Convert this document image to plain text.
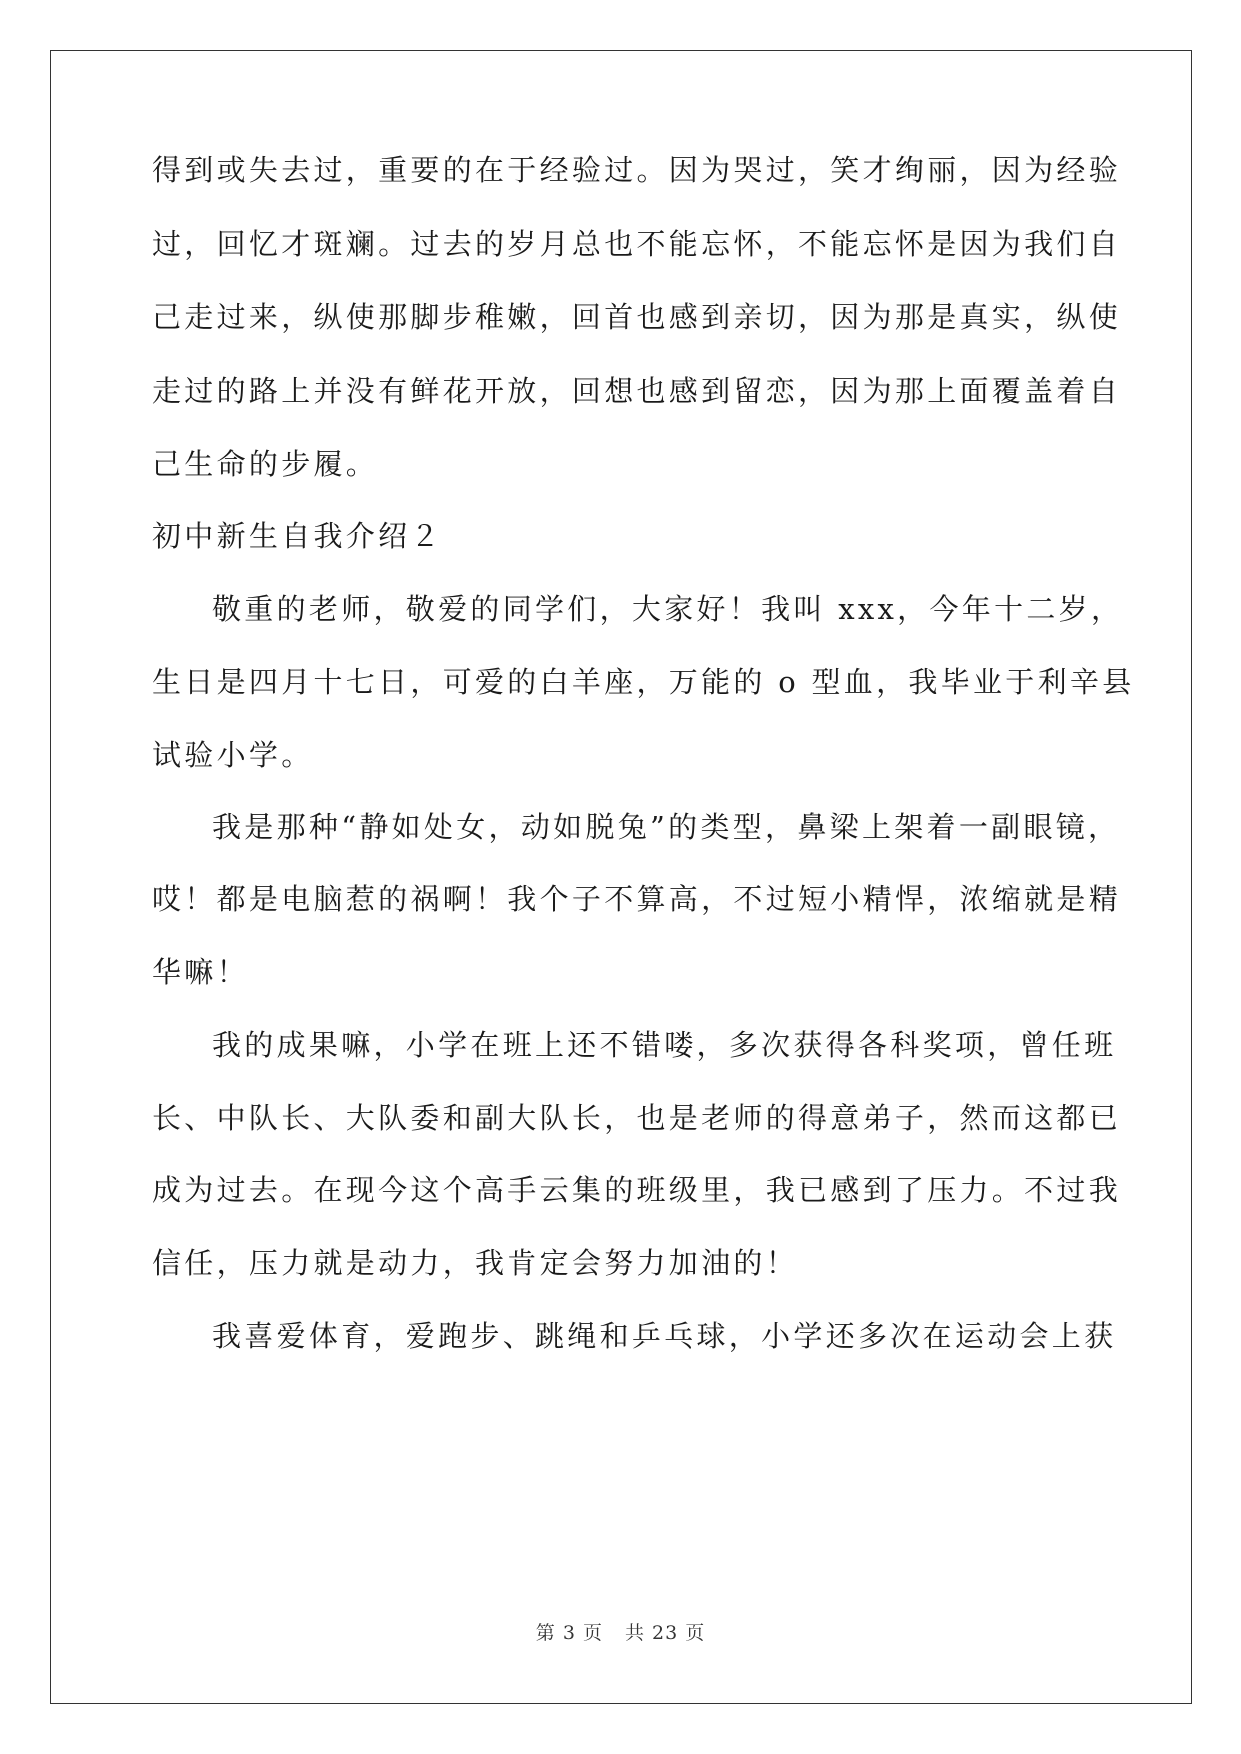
得到或失去过，重要的在于经验过。因为哭过，笑才绚丽，因为经验
过，回忆才斑斓。过去的岁月总也不能忘怀，不能忘怀是因为我们自
己走过来，纵使那脚步稚嫩，回首也感到亲切，因为那是真实，纵使
走过的路上并没有鲜花开放，回想也感到留恋，因为那上面覆盖着自
己生命的步履。
初中新生自我介绍２
敬重的老师，敬爱的同学们，大家好！我叫 xxx，今年十二岁，
生日是四月十七日，可爱的白羊座，万能的 o 型血，我毕业于利辛县
试验小学。
我是那种“静如处女，动如脱兔”的类型，鼻梁上架着一副眼镜，
哎！都是电脑惹的祸啊！我个子不算高，不过短小精悍，浓缩就是精
华嘛！
我的成果嘛，小学在班上还不错喽，多次获得各科奖项，曾任班
长、中队长、大队委和副大队长，也是老师的得意弟子，然而这都已
成为过去。在现今这个高手云集的班级里，我已感到了压力。不过我
信任，压力就是动力，我肯定会努力加油的！
我喜爱体育，爱跑步、跳绳和乒乓球，小学还多次在运动会上获
第 3 页 共 23 页
